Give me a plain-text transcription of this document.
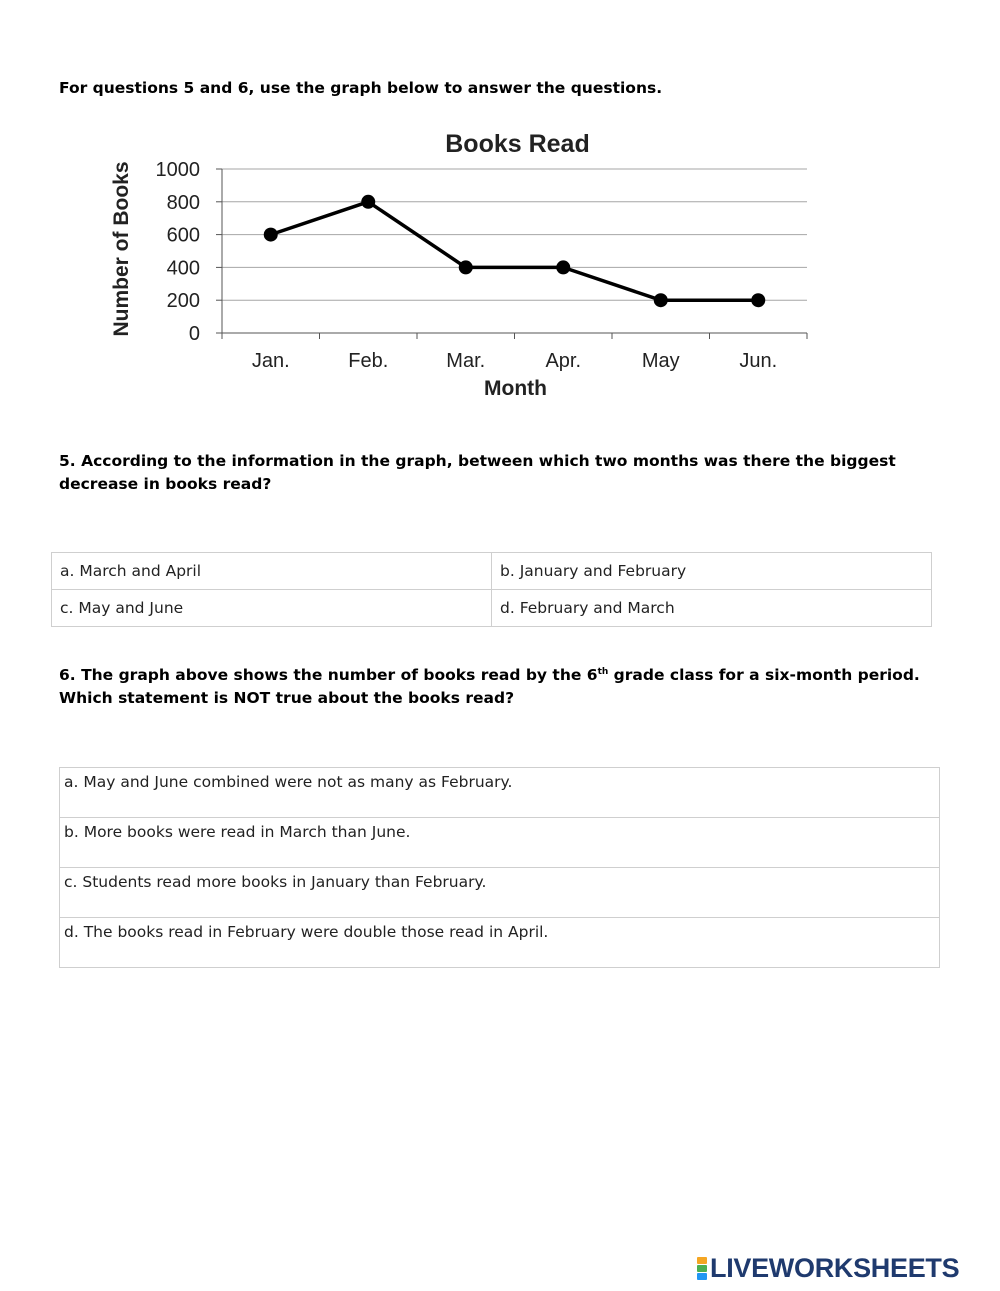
For questions 5 and 6, use the graph below to answer the questions.

Books Read
0
200
400
600
800
1000
Jan.	Feb.	Mar.	Apr.	May	Jun.
Month
Number of Books

5. According to the information in the graph, between which two months was there the biggest decrease in books read?

a. March and April	b. January and February
c. May and June	d. February and March

6. The graph above shows the number of books read by the 6th grade class for a six-month period. Which statement is NOT true about the books read?

a. May and June combined were not as many as February.
b. More books were read in March than June.
c. Students read more books in January than February.
d. The books read in February were double those read in April.
LIVEWORKSHEETS
